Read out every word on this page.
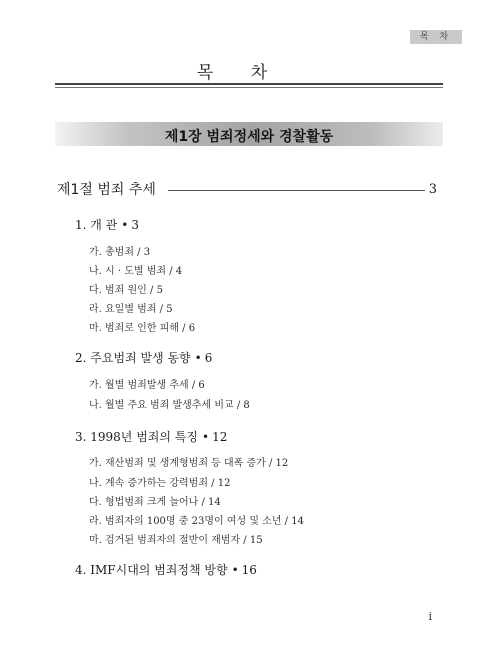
목 차
목 차
제1장 범죄정세와 경찰활동
제1절 범죄 추세	3
1. 개 관 • 3
가. 총범죄 / 3
나. 시 · 도별 범죄 / 4
다. 범죄 원인 / 5
라. 요일별 범죄 / 5
마. 범죄로 인한 피해 / 6
2. 주요범죄 발생 동향 • 6
가. 월별 범죄발생 추세 / 6
나. 월별 주요 범죄 발생추세 비교 / 8
3. 1998년 범죄의 특징 • 12
가. 재산범죄 및 생계형범죄 등 대폭 증가 / 12
나. 계속 증가하는 강력범죄 / 12
다. 형법범죄 크게 늘어나 / 14
라. 범죄자의 100명 중 23명이 여성 및 소년 / 14
마. 검거된 범죄자의 절반이 재범자 / 15
4. IMF시대의 범죄정책 방향 • 16
i
